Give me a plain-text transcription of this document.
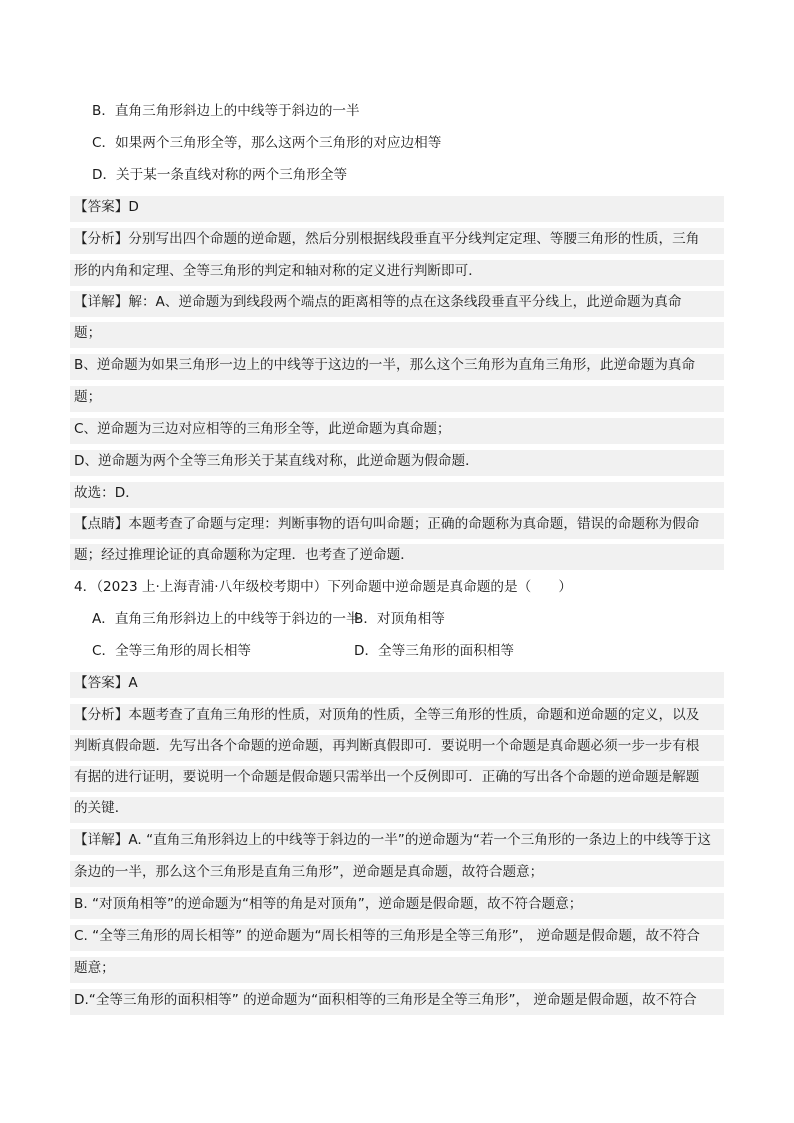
B．直角三角形斜边上的中线等于斜边的一半
C．如果两个三角形全等，那么这两个三角形的对应边相等
D．关于某一条直线对称的两个三角形全等
【答案】D
【分析】分别写出四个命题的逆命题，然后分别根据线段垂直平分线判定定理、等腰三角形的性质，三角
形的内角和定理、全等三角形的判定和轴对称的定义进行判断即可．
【详解】解：A、逆命题为到线段两个端点的距离相等的点在这条线段垂直平分线上，此逆命题为真命
题；
B、逆命题为如果三角形一边上的中线等于这边的一半，那么这个三角形为直角三角形，此逆命题为真命
题；
C、逆命题为三边对应相等的三角形全等，此逆命题为真命题；
D、逆命题为两个全等三角形关于某直线对称，此逆命题为假命题．
故选：D．
【点睛】本题考查了命题与定理：判断事物的语句叫命题；正确的命题称为真命题，错误的命题称为假命
题；经过推理论证的真命题称为定理．也考查了逆命题．
4．（2023 上·上海青浦·八年级校考期中）下列命题中逆命题是真命题的是（　　）
A．直角三角形斜边上的中线等于斜边的一半
B．对顶角相等
C．全等三角形的周长相等	D．全等三角形的面积相等
【答案】A
【分析】本题考查了直角三角形的性质，对顶角的性质，全等三角形的性质，命题和逆命题的定义，以及
判断真假命题．先写出各个命题的逆命题，再判断真假即可．要说明一个命题是真命题必须一步一步有根
有据的进行证明，要说明一个命题是假命题只需举出一个反例即可．正确的写出各个命题的逆命题是解题
的关键．
【详解】A. “直角三角形斜边上的中线等于斜边的一半”的逆命题为“若一个三角形的一条边上的中线等于这
条边的一半，那么这个三角形是直角三角形”，逆命题是真命题，故符合题意；
B. “对顶角相等”的逆命题为“相等的角是对顶角”，逆命题是假命题，故不符合题意；
C. “全等三角形的周长相等” 的逆命题为“周长相等的三角形是全等三角形”， 逆命题是假命题，故不符合
题意；
D.“全等三角形的面积相等” 的逆命题为“面积相等的三角形是全等三角形”， 逆命题是假命题，故不符合
